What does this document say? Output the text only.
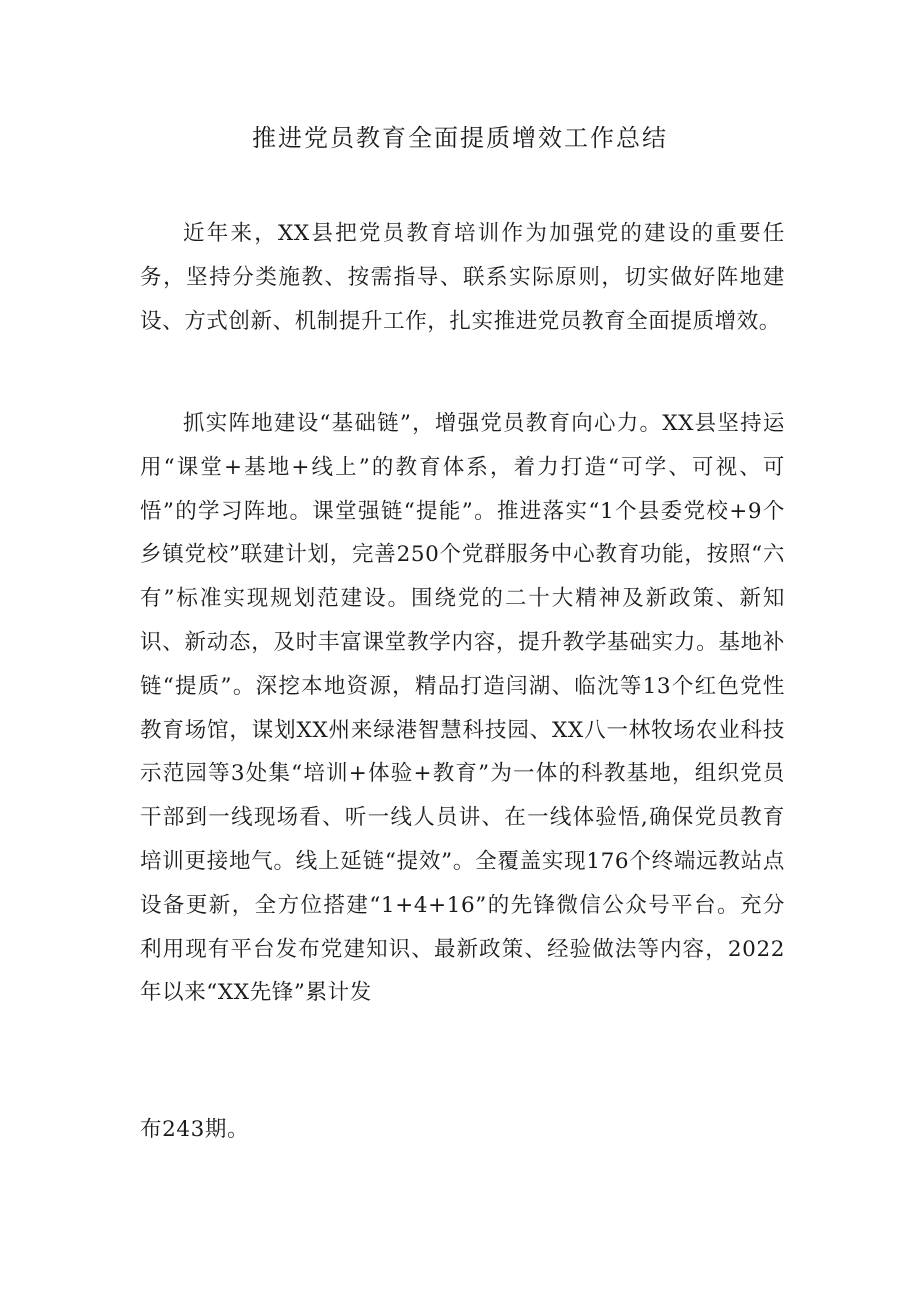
推进党员教育全面提质增效工作总结

近年来，XX县把党员教育培训作为加强党的建设的重要任务，坚持分类施教、按需指导、联系实际原则，切实做好阵地建设、方式创新、机制提升工作，扎实推进党员教育全面提质增效。

抓实阵地建设“基础链”，增强党员教育向心力。XX县坚持运用“课堂+基地+线上”的教育体系，着力打造“可学、可视、可悟”的学习阵地。课堂强链“提能”。推进落实“1个县委党校+9个乡镇党校”联建计划，完善250个党群服务中心教育功能，按照“六有”标准实现规划范建设。围绕党的二十大精神及新政策、新知识、新动态，及时丰富课堂教学内容，提升教学基础实力。基地补链“提质”。深挖本地资源，精品打造闫湖、临沈等13个红色党性教育场馆，谋划XX州来绿港智慧科技园、XX八一林牧场农业科技示范园等3处集“培训+体验+教育”为一体的科教基地，组织党员干部到一线现场看、听一线人员讲、在一线体验悟,确保党员教育培训更接地气。线上延链“提效”。全覆盖实现176个终端远教站点设备更新，全方位搭建“1+4+16”的先锋微信公众号平台。充分利用现有平台发布党建知识、最新政策、经验做法等内容，2022年以来“XX先锋”累计发

布243期。
